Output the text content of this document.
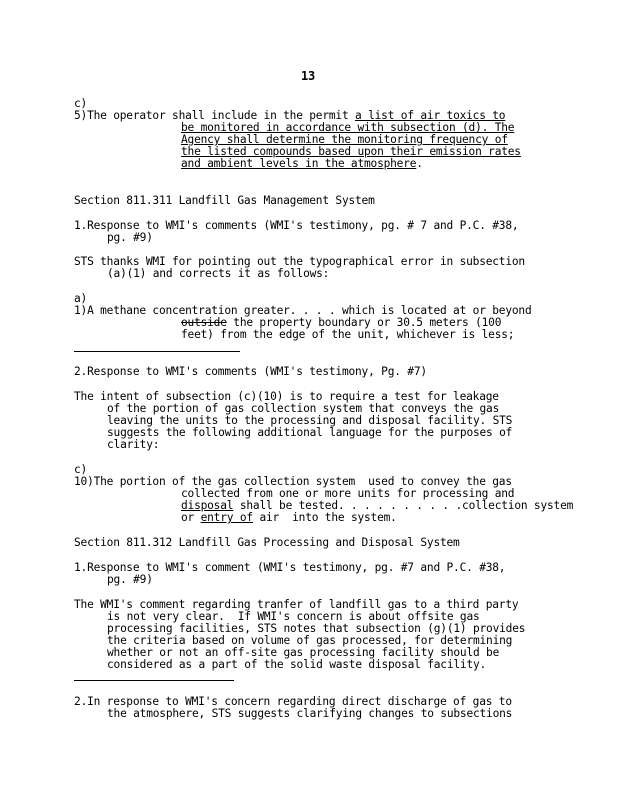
13
c)
5)The operator shall include in the permit a list of air toxics to
be monitored in accordance with subsection (d). The
Agency shall determine the monitoring frequency of
the listed compounds based upon their emission rates
and ambient levels in the atmosphere.
Section 811.311 Landfill Gas Management System
1.Response to WMI's comments (WMI's testimony, pg. # 7 and P.C. #38,
pg. #9)
STS thanks WMI for pointing out the typographical error in subsection
(a)(1) and corrects it as follows:
a)
1)A methane concentration greater. . . . which is located at or beyond
outside the property boundary or 30.5 meters (100
feet) from the edge of the unit, whichever is less;
2.Response to WMI's comments (WMI's testimony, Pg. #7)
The intent of subsection (c)(10) is to require a test for leakage
of the portion of gas collection system that conveys the gas
leaving the units to the processing and disposal facility. STS
suggests the following additional language for the purposes of
clarity:
c)
10)The portion of the gas collection system  used to convey the gas
collected from one or more units for processing and
disposal shall be tested. . . . . . . . . .collection system
or entry of air  into the system.
Section 811.312 Landfill Gas Processing and Disposal System
1.Response to WMI's comment (WMI's testimony, pg. #7 and P.C. #38,
pg. #9)
The WMI's comment regarding tranfer of landfill gas to a third party
is not very clear.  If WMI's concern is about offsite gas
processing facilities, STS notes that subsection (g)(1) provides
the criteria based on volume of gas processed, for determining
whether or not an off-site gas processing facility should be
considered as a part of the solid waste disposal facility.
2.In response to WMI's concern regarding direct discharge of gas to
the atmosphere, STS suggests clarifying changes to subsections
